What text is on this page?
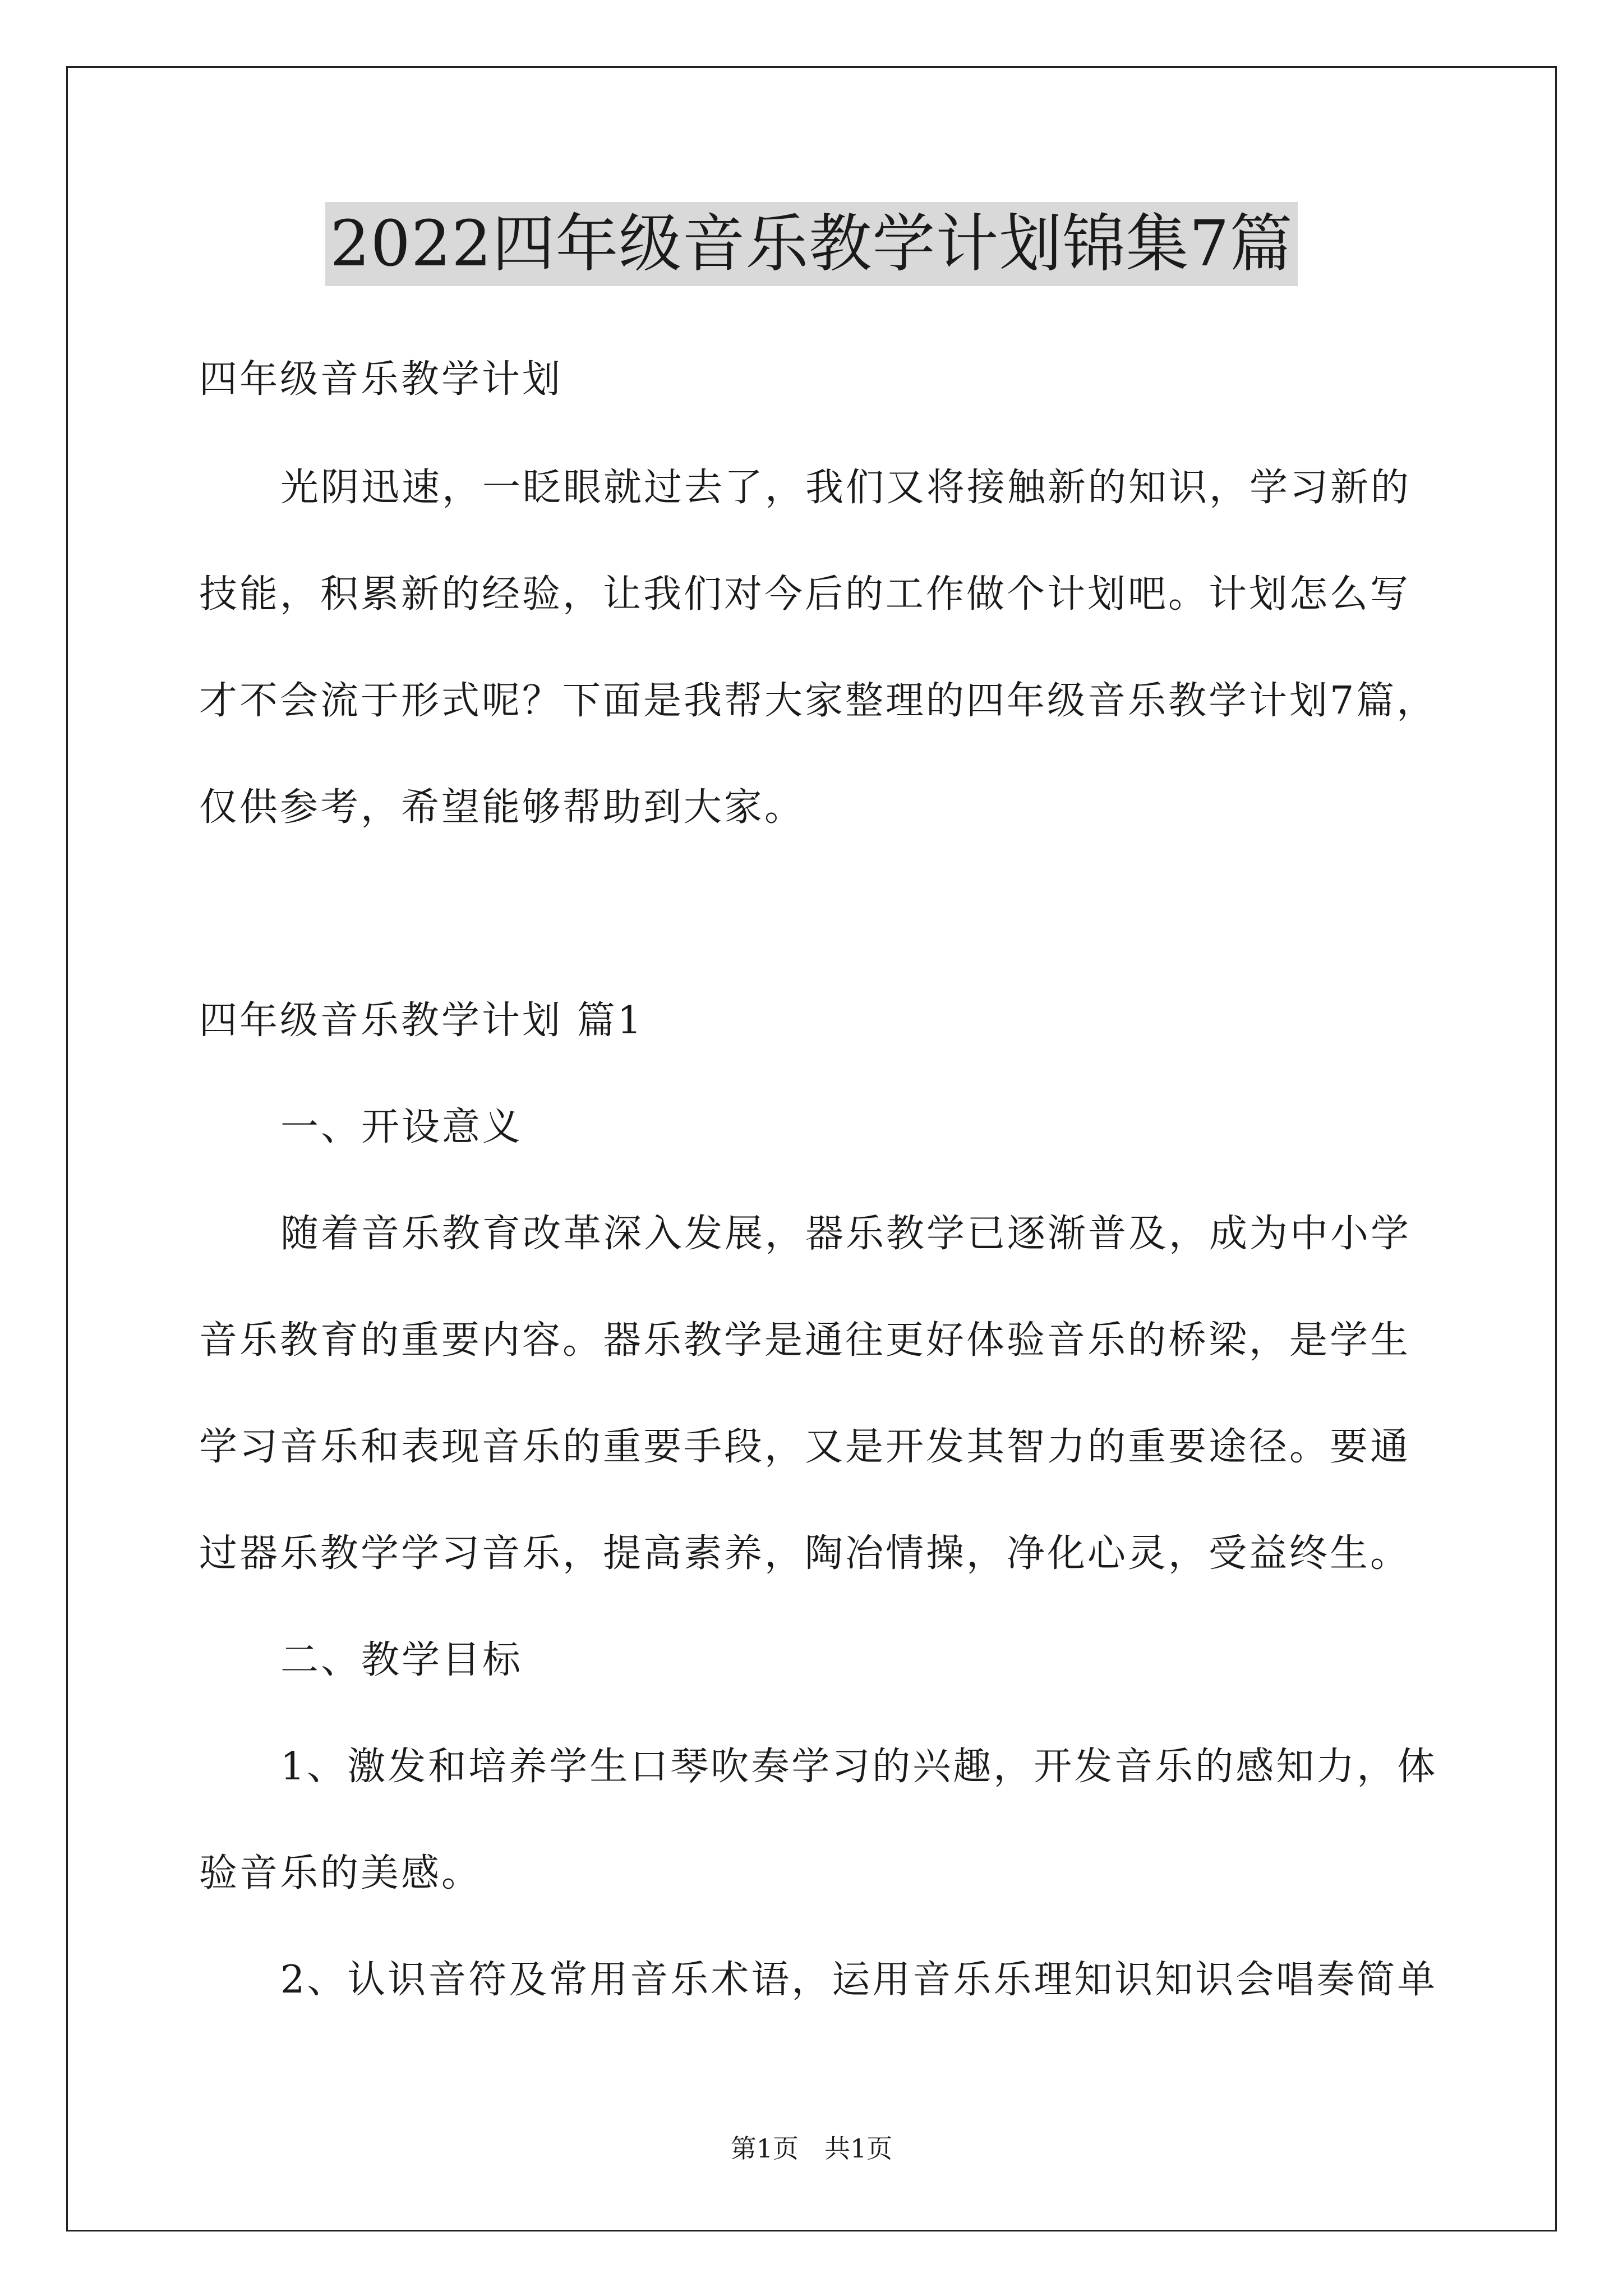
2022四年级音乐教学计划锦集7篇
四年级音乐教学计划
光阴迅速，一眨眼就过去了，我们又将接触新的知识，学习新的
技能，积累新的经验，让我们对今后的工作做个计划吧。计划怎么写
才不会流于形式呢？下面是我帮大家整理的四年级音乐教学计划7篇，
仅供参考，希望能够帮助到大家。
四年级音乐教学计划 篇1
一、开设意义
随着音乐教育改革深入发展，器乐教学已逐渐普及，成为中小学
音乐教育的重要内容。器乐教学是通往更好体验音乐的桥梁，是学生
学习音乐和表现音乐的重要手段，又是开发其智力的重要途径。要通
过器乐教学学习音乐，提高素养，陶冶情操，净化心灵，受益终生。
二、教学目标
1、激发和培养学生口琴吹奏学习的兴趣，开发音乐的感知力，体
验音乐的美感。
2、认识音符及常用音乐术语，运用音乐乐理知识知识会唱奏简单
第1页 共1页
